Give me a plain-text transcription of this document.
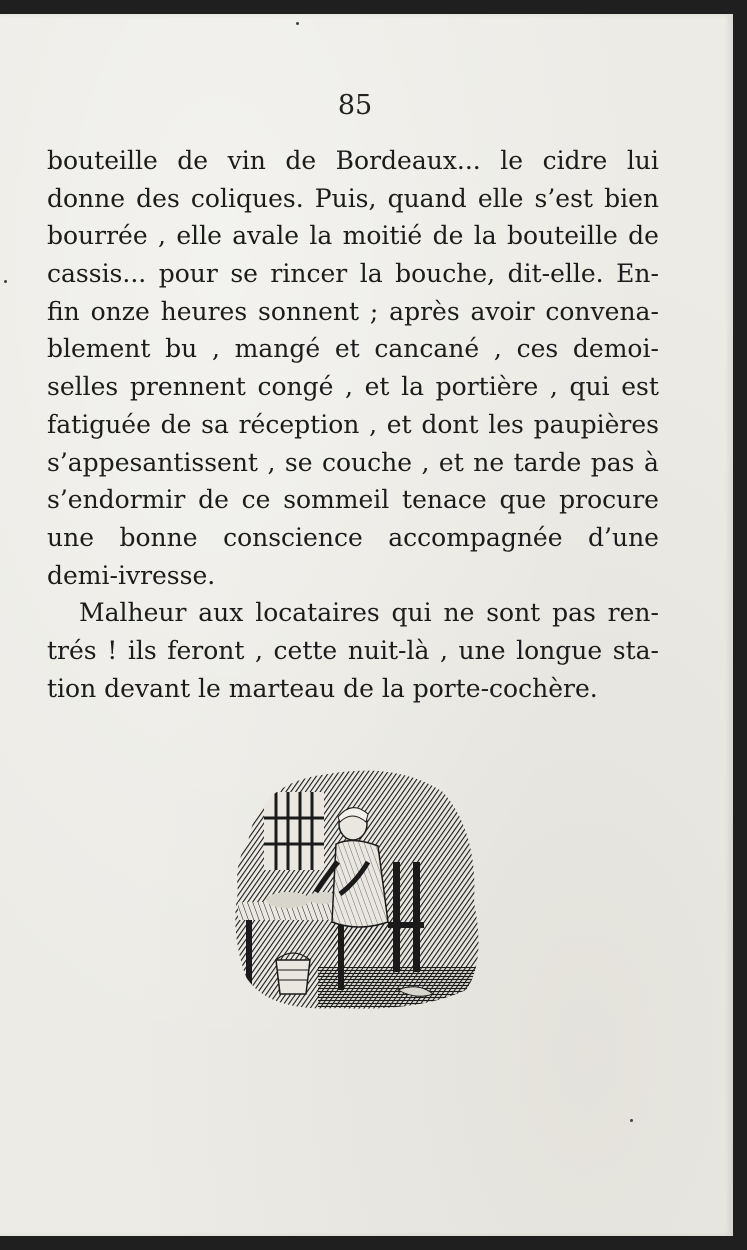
85
bouteille de vin de Bordeaux... le cidre lui
donne des coliques. Puis, quand elle s’est bien
bourrée , elle avale la moitié de la bouteille de
cassis... pour se rincer la bouche, dit-elle. En-
fin onze heures sonnent ; après avoir convena-
blement bu , mangé et cancané , ces demoi-
selles prennent congé , et la portière , qui est
fatiguée de sa réception , et dont les paupières
s’appesantissent , se couche , et ne tarde pas à
s’endormir de ce sommeil tenace que procure
une bonne conscience accompagnée d’une
demi-ivresse.
Malheur aux locataires qui ne sont pas ren-
trés ! ils feront , cette nuit-là , une longue sta-
tion devant le marteau de la porte-cochère.
